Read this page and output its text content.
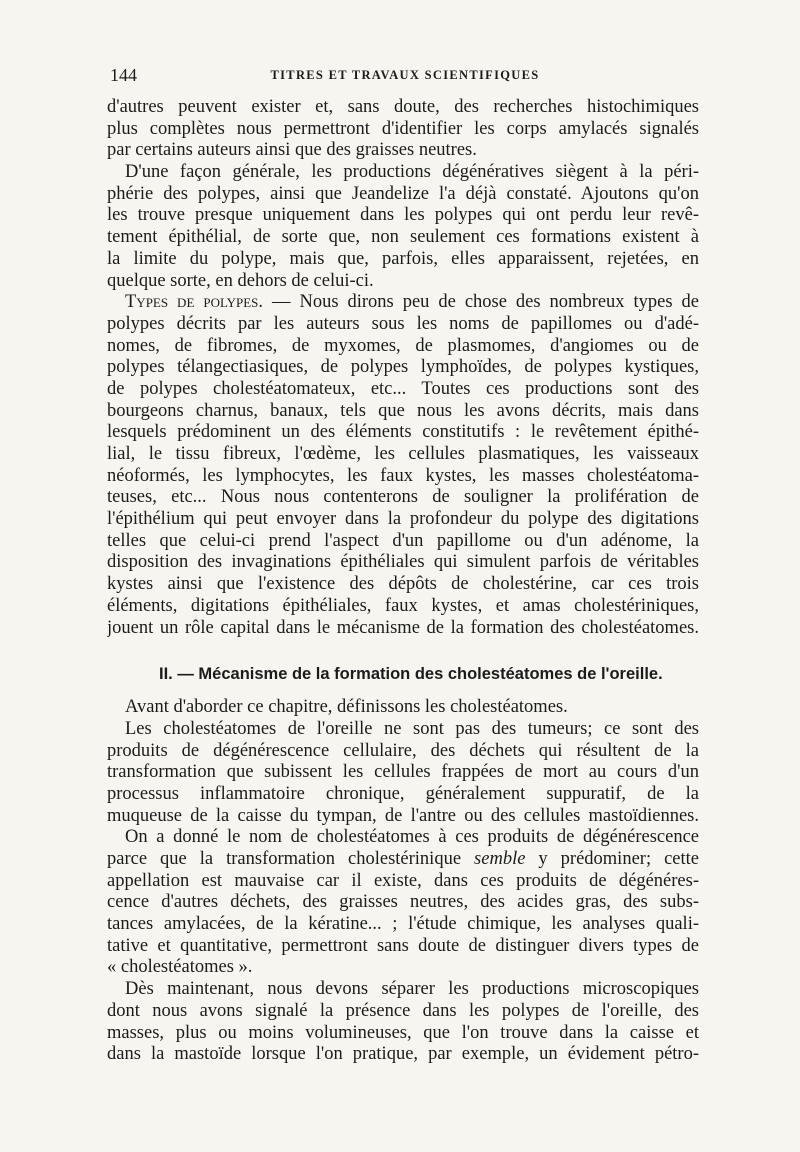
144	TITRES ET TRAVAUX SCIENTIFIQUES
d'autres peuvent exister et, sans doute, des recherches histochimiques
plus complètes nous permettront d'identifier les corps amylacés signalés
par certains auteurs ainsi que des graisses neutres.
D'une façon générale, les productions dégénératives siègent à la péri-
phérie des polypes, ainsi que Jeandelize l'a déjà constaté. Ajoutons qu'on
les trouve presque uniquement dans les polypes qui ont perdu leur revê-
tement épithélial, de sorte que, non seulement ces formations existent à
la limite du polype, mais que, parfois, elles apparaissent, rejetées, en
quelque sorte, en dehors de celui-ci.
Types de polypes. — Nous dirons peu de chose des nombreux types de
polypes décrits par les auteurs sous les noms de papillomes ou d'adé-
nomes, de fibromes, de myxomes, de plasmomes, d'angiomes ou de
polypes télangectiasiques, de polypes lymphoïdes, de polypes kystiques,
de polypes cholestéatomateux, etc... Toutes ces productions sont des
bourgeons charnus, banaux, tels que nous les avons décrits, mais dans
lesquels prédominent un des éléments constitutifs : le revêtement épithé-
lial, le tissu fibreux, l'œdème, les cellules plasmatiques, les vaisseaux
néoformés, les lymphocytes, les faux kystes, les masses cholestéatoma-
teuses, etc... Nous nous contenterons de souligner la prolifération de
l'épithélium qui peut envoyer dans la profondeur du polype des digitations
telles que celui-ci prend l'aspect d'un papillome ou d'un adénome, la
disposition des invaginations épithéliales qui simulent parfois de véritables
kystes ainsi que l'existence des dépôts de cholestérine, car ces trois
éléments, digitations épithéliales, faux kystes, et amas cholestériniques,
jouent un rôle capital dans le mécanisme de la formation des cholestéatomes.
II. — Mécanisme de la formation des cholestéatomes de l'oreille.
Avant d'aborder ce chapitre, définissons les cholestéatomes.
Les cholestéatomes de l'oreille ne sont pas des tumeurs; ce sont des
produits de dégénérescence cellulaire, des déchets qui résultent de la
transformation que subissent les cellules frappées de mort au cours d'un
processus inflammatoire chronique, généralement suppuratif, de la
muqueuse de la caisse du tympan, de l'antre ou des cellules mastoïdiennes.
On a donné le nom de cholestéatomes à ces produits de dégénérescence
parce que la transformation cholestérinique semble y prédominer; cette
appellation est mauvaise car il existe, dans ces produits de dégénéres-
cence d'autres déchets, des graisses neutres, des acides gras, des subs-
tances amylacées, de la kératine... ; l'étude chimique, les analyses quali-
tative et quantitative, permettront sans doute de distinguer divers types de
« cholestéatomes ».
Dès maintenant, nous devons séparer les productions microscopiques
dont nous avons signalé la présence dans les polypes de l'oreille, des
masses, plus ou moins volumineuses, que l'on trouve dans la caisse et
dans la mastoïde lorsque l'on pratique, par exemple, un évidement pétro-
